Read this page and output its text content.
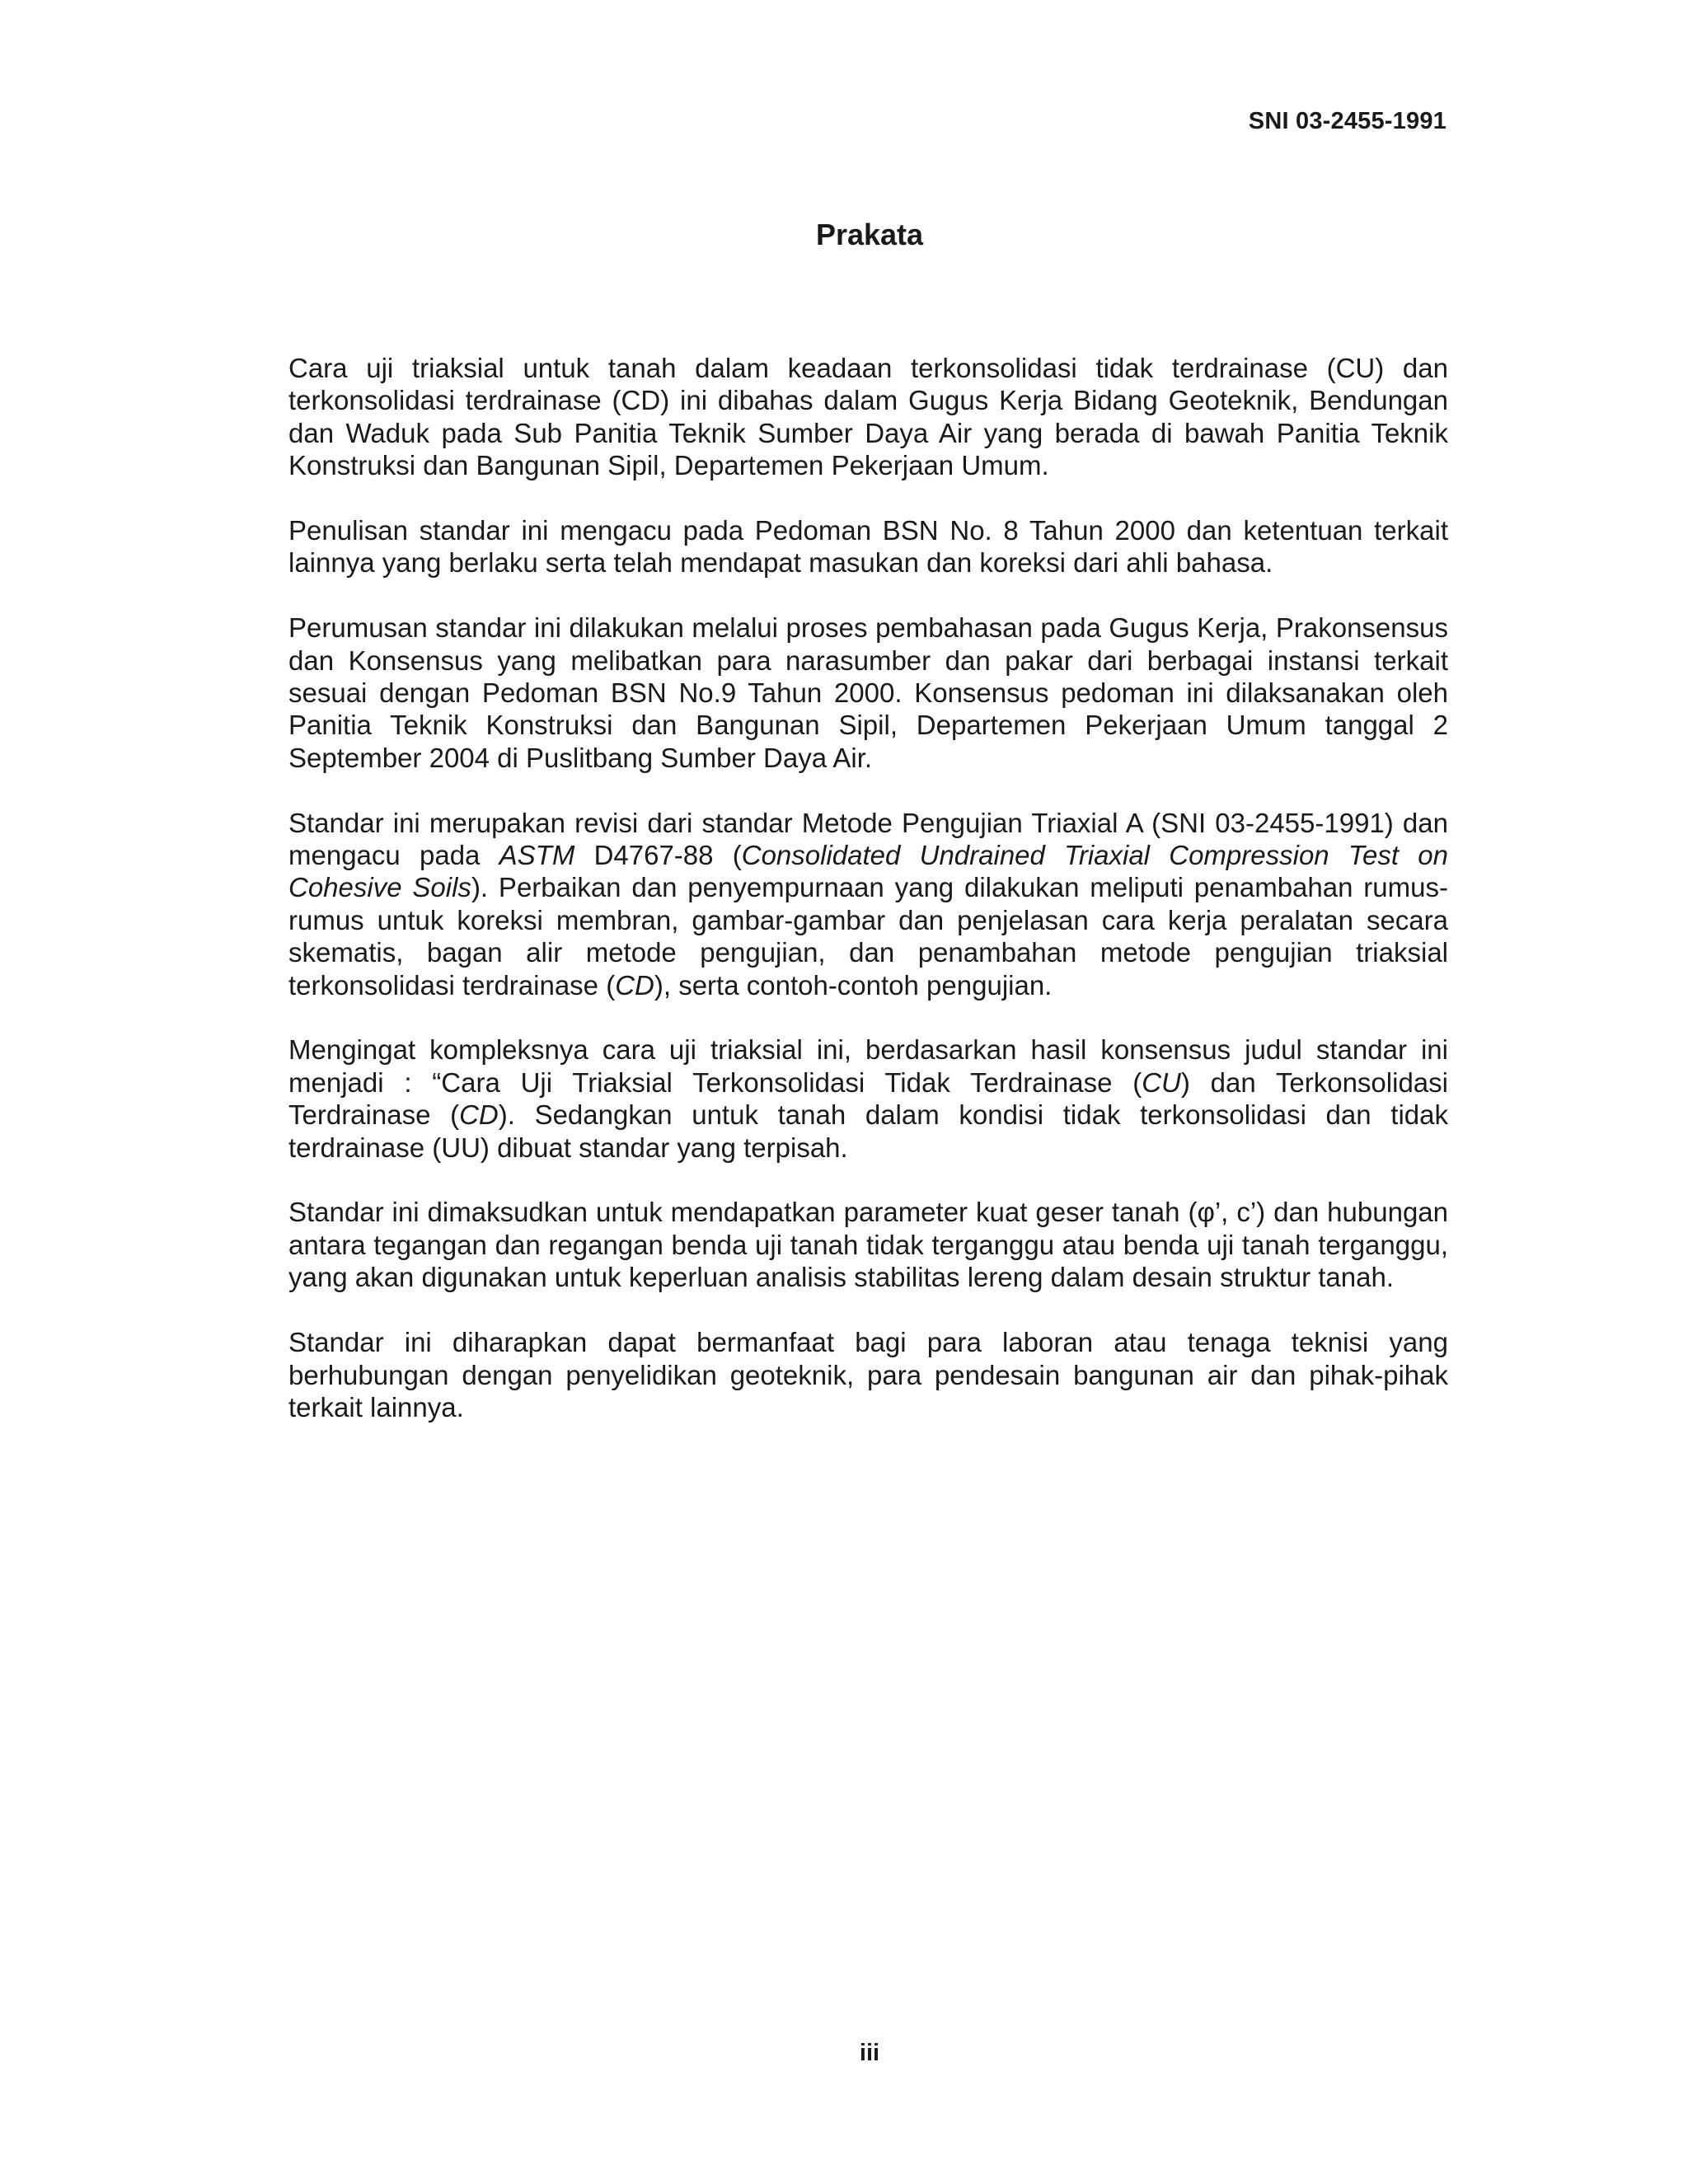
SNI 03-2455-1991
Prakata

Cara uji triaksial untuk tanah dalam keadaan terkonsolidasi tidak terdrainase (CU) dan terkonsolidasi terdrainase (CD) ini dibahas dalam Gugus Kerja Bidang Geoteknik, Bendungan dan Waduk pada Sub Panitia Teknik Sumber Daya Air yang berada di bawah Panitia Teknik Konstruksi dan Bangunan Sipil, Departemen Pekerjaan Umum.

Penulisan standar ini mengacu pada Pedoman BSN No. 8 Tahun 2000 dan ketentuan terkait lainnya yang berlaku serta telah mendapat masukan dan koreksi dari ahli bahasa.

Perumusan standar ini dilakukan melalui proses pembahasan pada Gugus Kerja, Prakonsensus dan Konsensus yang melibatkan para narasumber dan pakar dari berbagai instansi terkait sesuai dengan Pedoman BSN No.9 Tahun 2000. Konsensus pedoman ini dilaksanakan oleh Panitia Teknik Konstruksi dan Bangunan Sipil, Departemen Pekerjaan Umum tanggal 2 September 2004 di Puslitbang Sumber Daya Air.

Standar ini merupakan revisi dari standar Metode Pengujian Triaxial A (SNI 03-2455-1991) dan mengacu pada ASTM D4767-88 (Consolidated Undrained Triaxial Compression Test on Cohesive Soils). Perbaikan dan penyempurnaan yang dilakukan meliputi penambahan rumus-rumus untuk koreksi membran, gambar-gambar dan penjelasan cara kerja peralatan secara skematis, bagan alir metode pengujian, dan penambahan metode pengujian triaksial terkonsolidasi terdrainase (CD), serta contoh-contoh pengujian.

Mengingat kompleksnya cara uji triaksial ini, berdasarkan hasil konsensus judul standar ini menjadi : “Cara Uji Triaksial Terkonsolidasi Tidak Terdrainase (CU) dan Terkonsolidasi Terdrainase (CD). Sedangkan untuk tanah dalam kondisi tidak terkonsolidasi dan tidak terdrainase (UU) dibuat standar yang terpisah.

Standar ini dimaksudkan untuk mendapatkan parameter kuat geser tanah (φ’, c’) dan hubungan antara tegangan dan regangan benda uji tanah tidak terganggu atau benda uji tanah terganggu, yang akan digunakan untuk keperluan analisis stabilitas lereng dalam desain struktur tanah.

Standar ini diharapkan dapat bermanfaat bagi para laboran atau tenaga teknisi yang berhubungan dengan penyelidikan geoteknik, para pendesain bangunan air dan pihak-pihak terkait lainnya.

iii
